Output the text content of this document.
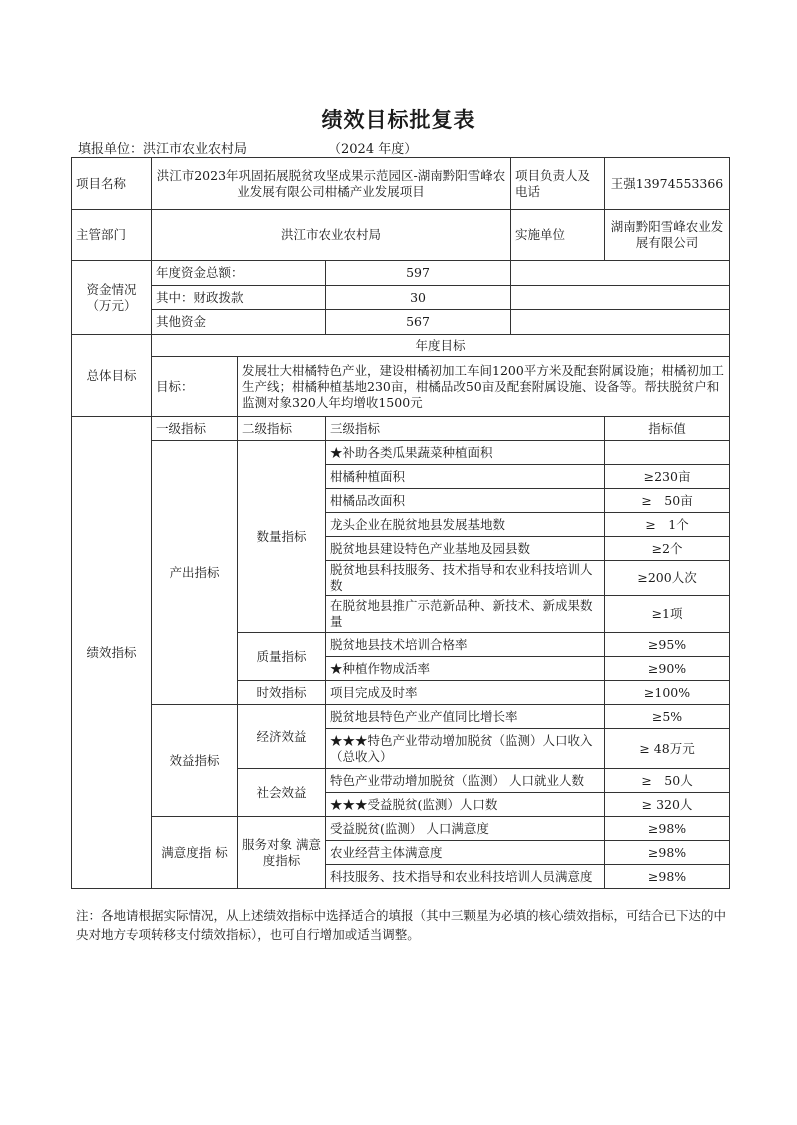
绩效目标批复表
填报单位：洪江市农业农村局	（2024 年度）
项目名称	洪江市2023年巩固拓展脱贫攻坚成果示范园区-湖南黔阳雪峰农业发展有限公司柑橘产业发展项目			项目负责人及电话	王强13974553366
主管部门	洪江市农业农村局			实施单位	湖南黔阳雪峰农业发展有限公司
资金情况（万元）	年度资金总额：		597		
	其中：财政拨款		30		
	其他资金		567		
总体目标	年度目标				
	目标：	发展壮大柑橘特色产业，建设柑橘初加工车间1200平方米及配套附属设施；柑橘初加工生产线；柑橘种植基地230亩，柑橘品改50亩及配套附属设施、设备等。帮扶脱贫户和监测对象320人年均增收1500元			
绩效指标	一级指标	二级指标	三级指标		指标值
	产出指标	数量指标	★补助各类瓜果蔬菜种植面积		
			柑橘种植面积		≥230亩
			柑橘品改面积		≥　50亩
			龙头企业在脱贫地县发展基地数		≥　1个
			脱贫地县建设特色产业基地及园县数		≥2个
			脱贫地县科技服务、技术指导和农业科技培训人数		≥200人次
			在脱贫地县推广示范新品种、新技术、新成果数量		≥1项
		质量指标	脱贫地县技术培训合格率		≥95%
			★种植作物成活率		≥90%
		时效指标	项目完成及时率		≥100%
	效益指标	经济效益	脱贫地县特色产业产值同比增长率		≥5%
			★★★特色产业带动增加脱贫（监测）人口收入（总收入）		≥ 48万元
		社会效益	特色产业带动增加脱贫（监测） 人口就业人数		≥　50人
			★★★受益脱贫(监测）人口数		≥ 320人
	满意度指 标	服务对象 满意度指标	受益脱贫(监测） 人口满意度		≥98%
			农业经营主体满意度		≥98%
			科技服务、技术指导和农业科技培训人员满意度		≥98%
注：各地请根据实际情况，从上述绩效指标中选择适合的填报（其中三颗星为必填的核心绩效指标，可结合已下达的中央对地方专项转移支付绩效指标），也可自行增加或适当调整。
